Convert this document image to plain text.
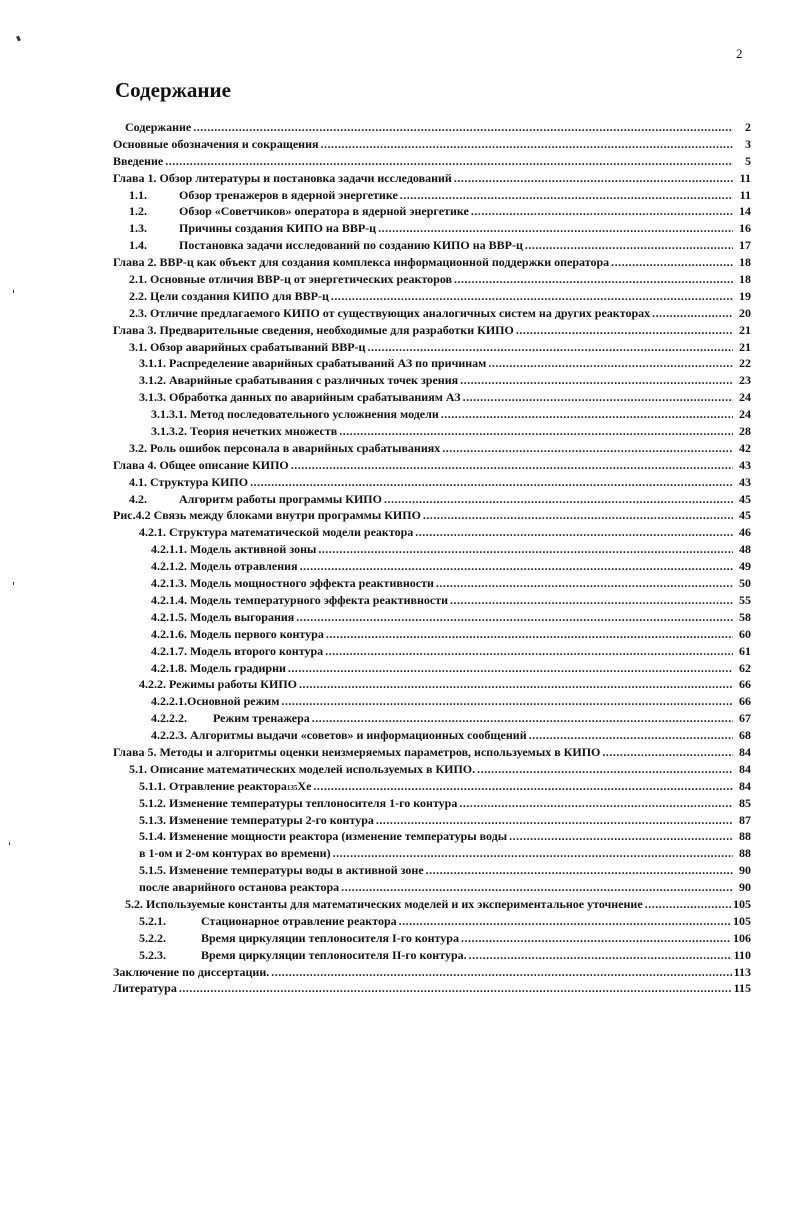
2
Содержание
Содержание .....	2
Основные обозначения и сокращения .....	3
Введение .....	5
Глава 1. Обзор литературы и постановка задачи исследований .....	11
1.1.	Обзор тренажеров в ядерной энергетике .....	11
1.2.	Обзор «Советчиков» оператора в ядерной энергетике .....	14
1.3.	Причины создания КИПО на ВВР-ц .....	16
1.4.	Постановка задачи исследований по созданию КИПО на ВВР-ц .....	17
Глава 2. ВВР-ц как объект для создания комплекса информационной поддержки оператора .....	18
2.1. Основные отличия ВВР-ц от энергетических реакторов .....	18
2.2. Цели создания КИПО для ВВР-ц .....	19
2.3. Отличие предлагаемого КИПО от существующих аналогичных систем на других реакторах .....	20
Глава 3. Предварительные сведения, необходимые для разработки КИПО .....	21
3.1. Обзор аварийных срабатываний ВВР-ц .....	21
3.1.1. Распределение аварийных срабатываний АЗ по причинам .....	22
3.1.2. Аварийные срабатывания с различных точек зрения .....	23
3.1.3. Обработка данных по аварийным срабатываниям АЗ .....	24
3.1.3.1. Метод последовательного усложнения модели .....	24
3.1.3.2. Теория нечетких множеств .....	28
3.2. Роль ошибок персонала в аварийных срабатываниях .....	42
Глава 4. Общее описание КИПО .....	43
4.1. Структура КИПО .....	43
4.2.	Алгоритм работы программы КИПО .....	45
Рис.4.2 Связь между блоками внутри программы КИПО .....	45
4.2.1. Структура математической модели реактора .....	46
4.2.1.1. Модель активной зоны .....	48
4.2.1.2. Модель отравления .....	49
4.2.1.3. Модель мощностного эффекта реактивности .....	50
4.2.1.4. Модель температурного эффекта реактивности .....	55
4.2.1.5. Модель выгорания .....	58
4.2.1.6. Модель первого контура .....	60
4.2.1.7. Модель второго контура .....	61
4.2.1.8. Модель градирни .....	62
4.2.2. Режимы работы КИПО .....	66
4.2.2.1.Основной режим .....	66
4.2.2.2.	Режим тренажера .....	67
4.2.2.3. Алгоритмы выдачи «советов» и информационных сообщений .....	68
Глава 5. Методы и алгоритмы оценки неизмеряемых параметров, используемых в КИПО .....	84
5.1. Описание математических моделей используемых в КИПО. .....	84
5.1.1. Отравление реактора 135 Xe .....	84
5.1.2. Изменение температуры теплоносителя 1-го контура .....	85
5.1.3. Изменение температуры 2-го контура .....	87
5.1.4. Изменение мощности реактора (изменение температуры воды .....	88
в 1-ом и 2-ом контурах во времени) .....	88
5.1.5. Изменение температуры воды в активной зоне .....	90
после аварийного останова реактора .....	90
5.2. Используемые константы для математических моделей и их экспериментальное уточнение .....	105
5.2.1.	Стационарное отравление реактора .....	105
5.2.2.	Время циркуляции теплоносителя I-го контура .....	106
5.2.3.	Время циркуляции теплоносителя II-го контура. .....	110
Заключение по диссертации. .....	113
Литература .....	115
